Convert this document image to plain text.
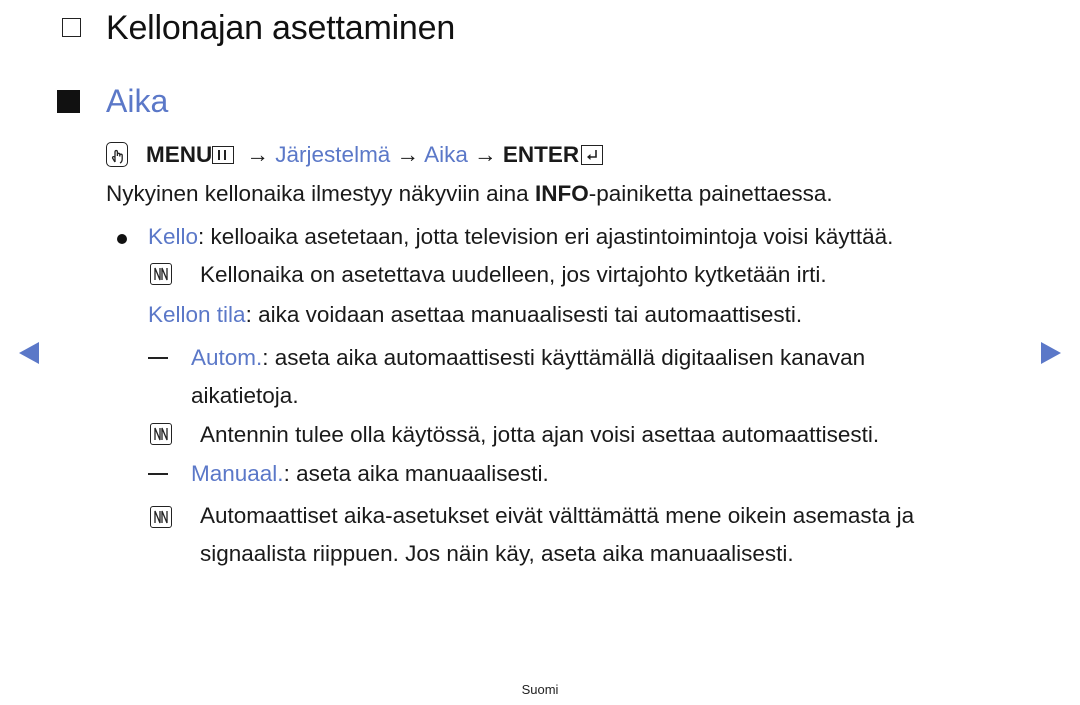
Kellonajan asettaminen
Aika
MENU → Järjestelmä → Aika → ENTER
Nykyinen kellonaika ilmestyy näkyviin aina INFO-painiketta painettaessa.
Kello: kelloaika asetetaan, jotta television eri ajastintoimintoja voisi käyttää.
Kellonaika on asetettava uudelleen, jos virtajohto kytketään irti.
Kellon tila: aika voidaan asettaa manuaalisesti tai automaattisesti.
Autom.: aseta aika automaattisesti käyttämällä digitaalisen kanavan
aikatietoja.
Antennin tulee olla käytössä, jotta ajan voisi asettaa automaattisesti.
Manuaal.: aseta aika manuaalisesti.
Automaattiset aika-asetukset eivät välttämättä mene oikein asemasta ja
signaalista riippuen. Jos näin käy, aseta aika manuaalisesti.
Suomi
